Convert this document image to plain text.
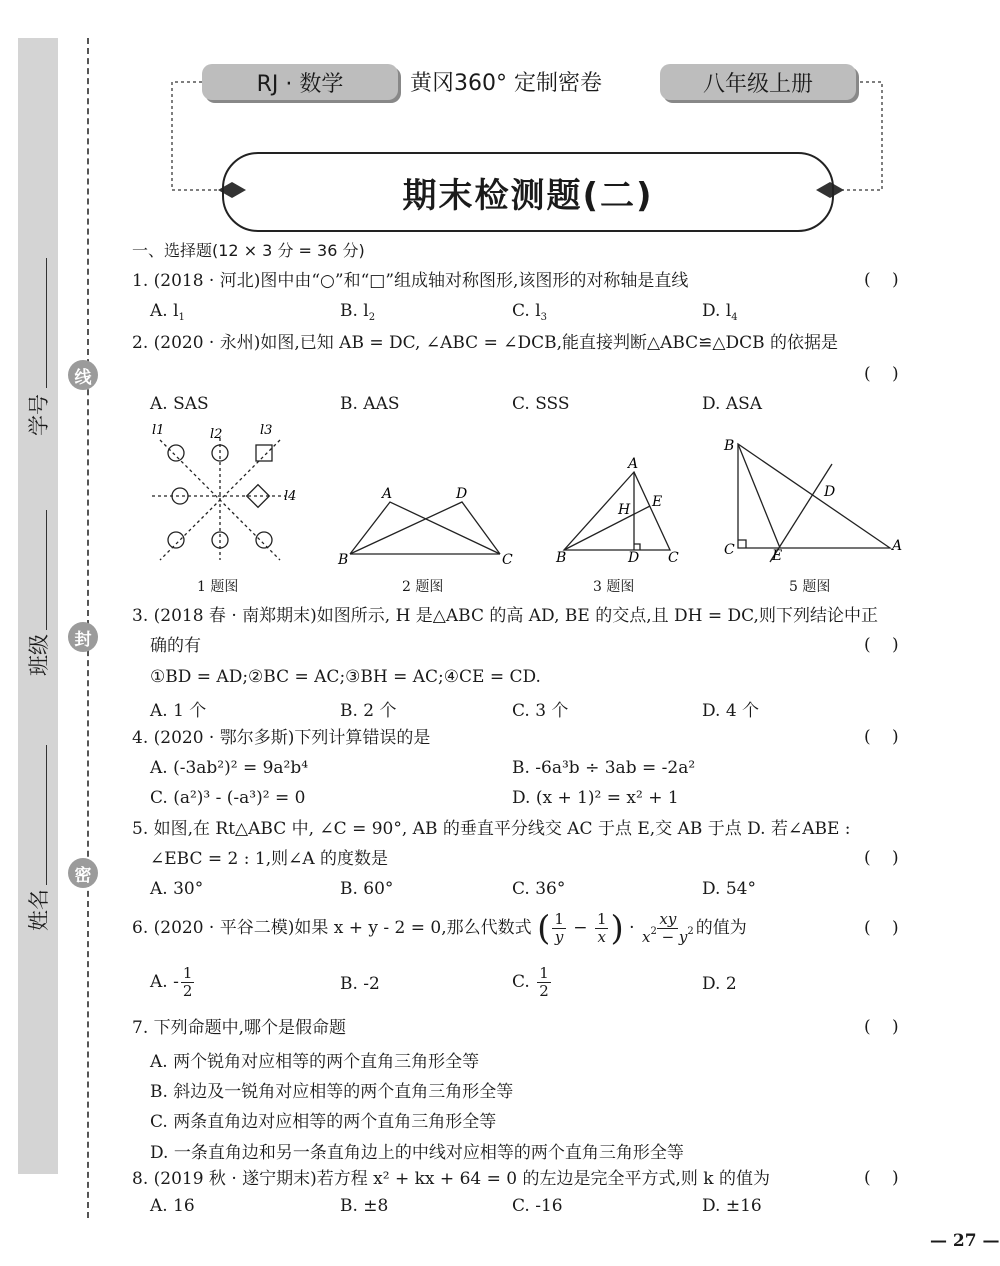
学号
班级
姓名
线
封
密
RJ · 数学	黄冈360° 定制密卷	八年级上册
期末检测题(二)
一、选择题(12 × 3 分 = 36 分)
1. (2018 · 河北)图中由“○”和“□”组成轴对称图形,该图形的对称轴是直线	( )
A. $l_1$	B. $l_2$	C. $l_3$	D. $l_4$
2. (2020 · 永州)如图,已知 AB = DC, ∠ABC = ∠DCB,能直接判断△ABC≌△DCB 的依据是
( )
A. SAS	B. AAS	C. SSS	D. ASA
l1	l2	l3
l4	A	D
B	C
A
H E
B	D C
B
D
C	E
A
1 题图	2 题图	3 题图	5 题图
3. (2018 春 · 南郑期末)如图所示, H 是△ABC 的高 AD, BE 的交点,且 DH = DC,则下列结论中正
确的有	( )
①BD = AD;②BC = AC;③BH = AC;④CE = CD.
A. 1 个	B. 2 个	C. 3 个	D. 4 个
4. (2020 · 鄂尔多斯)下列计算错误的是	( )
A. (-3ab²)² = 9a²b⁴	B. -6a³b ÷ 3ab = -2a²
C. (a²)³ - (-a³)² = 0	D. (x + 1)² = x² + 1
5. 如图,在 Rt△ABC 中, ∠C = 90°, AB 的垂直平分线交 AC 于点 E,交 AB 于点 D. 若∠ABE :
∠EBC = 2 : 1,则∠A 的度数是	( )
A. 30°	B. 60°	C. 36°	D. 54°
6. (2020 · 平谷二模)如果 x + y - 2 = 0,那么代数式 ( $\frac{1}{y} - \frac{1}{x}$ ) · $\frac{xy}{x^2 - y^2}$ 的值为	( )
A. - $\frac{1}{2}$	B. -2	C. $\frac{1}{2}$	D. 2
7. 下列命题中,哪个是假命题	( )
A. 两个锐角对应相等的两个直角三角形全等
B. 斜边及一锐角对应相等的两个直角三角形全等
C. 两条直角边对应相等的两个直角三角形全等
D. 一条直角边和另一条直角边上的中线对应相等的两个直角三角形全等
8. (2019 秋 · 遂宁期末)若方程 x² + kx + 64 = 0 的左边是完全平方式,则 k 的值为	( )
A. 16	B. ±8	C. -16	D. ±16
— 27 —
